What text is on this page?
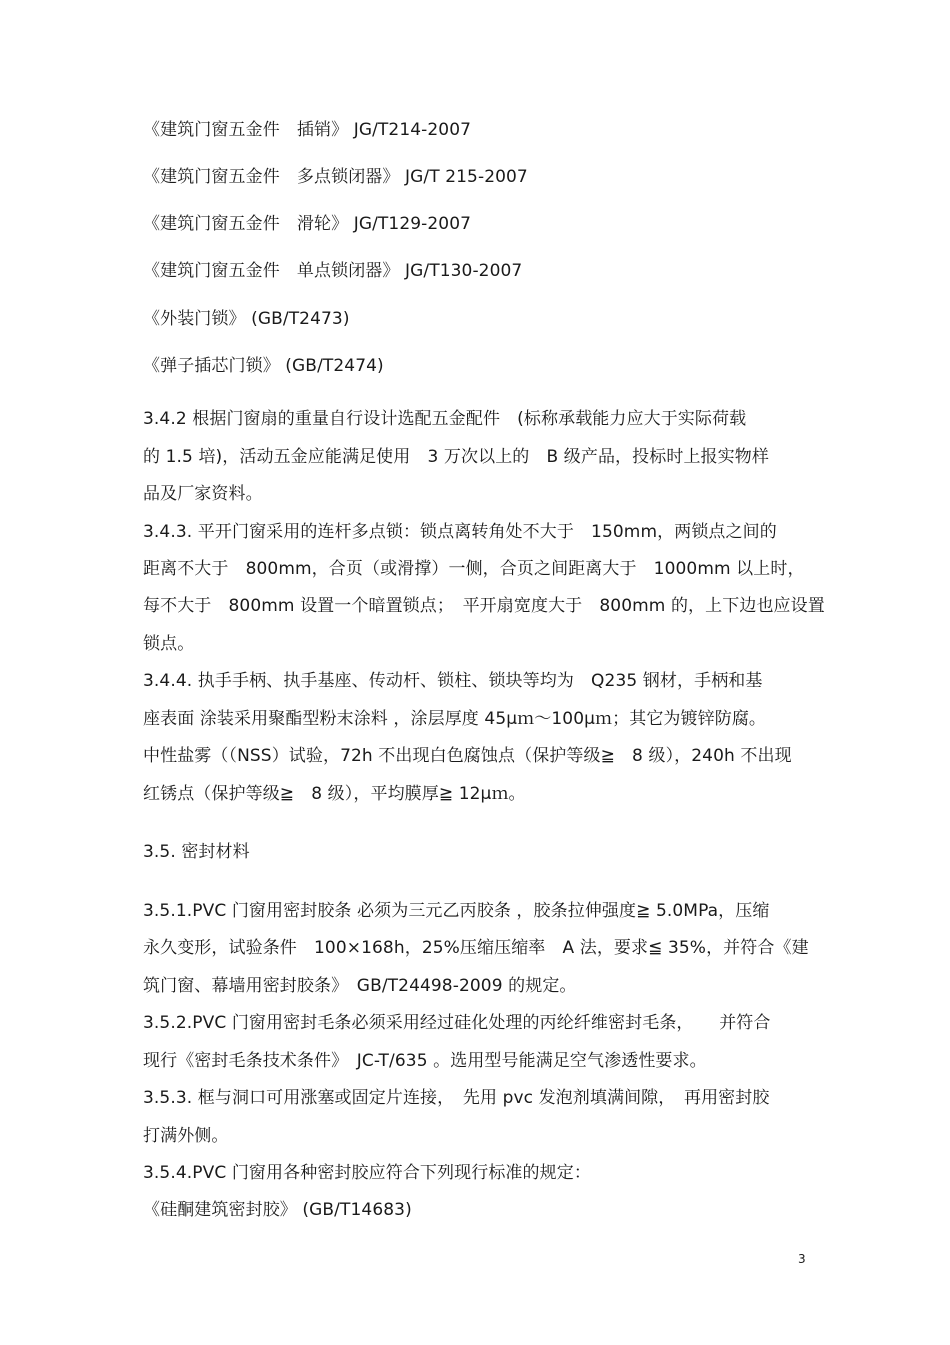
《建筑门窗五金件　插销》 JG/T214-2007
《建筑门窗五金件　多点锁闭器》 JG/T 215-2007
《建筑门窗五金件　滑轮》 JG/T129-2007
《建筑门窗五金件　单点锁闭器》 JG/T130-2007
《外装门锁》 (GB/T2473)
《弹子插芯门锁》 (GB/T2474)
3.4.2 根据门窗扇的重量自行设计选配五金配件　(标称承载能力应大于实际荷载
的 1.5 培)，活动五金应能满足使用　3 万次以上的　B 级产品，投标时上报实物样
品及厂家资料。
3.4.3. 平开门窗采用的连杆多点锁：锁点离转角处不大于　150mm，两锁点之间的
距离不大于　800mm，合页（或滑撑）一侧，合页之间距离大于　1000mm 以上时，
每不大于　800mm 设置一个暗置锁点；　平开扇宽度大于　800mm 的，上下边也应设置
锁点。
3.4.4. 执手手柄、执手基座、传动杆、锁柱、锁块等均为　Q235 钢材，手柄和基
座表面 涂装采用聚酯型粉末涂料 ，涂层厚度 45μｍ～100μｍ；其它为镀锌防腐。
中性盐雾（（NSS）试验，72h 不出现白色腐蚀点（保护等级≧　8 级），240h 不出现
红锈点（保护等级≧　8 级），平均膜厚≧ 12μｍ。
3.5. 密封材料
3.5.1.PVC 门窗用密封胶条 必须为三元乙丙胶条 ，胶条拉伸强度≧ 5.0MPa，压缩
永久变形，试验条件　100×168h，25%压缩压缩率　A 法，要求≦ 35%，并符合《建
筑门窗、幕墙用密封胶条》　GB/T24498-2009 的规定。
3.5.2.PVC 门窗用密封毛条必须采用经过硅化处理的丙纶纤维密封毛条，　　并符合
现行《密封毛条技术条件》　JC-T/635 。选用型号能满足空气渗透性要求。
3.5.3. 框与洞口可用涨塞或固定片连接，　先用 pvc 发泡剂填满间隙，　再用密封胶
打满外侧。
3.5.4.PVC 门窗用各种密封胶应符合下列现行标准的规定：
《硅酮建筑密封胶》 (GB/T14683)
3
